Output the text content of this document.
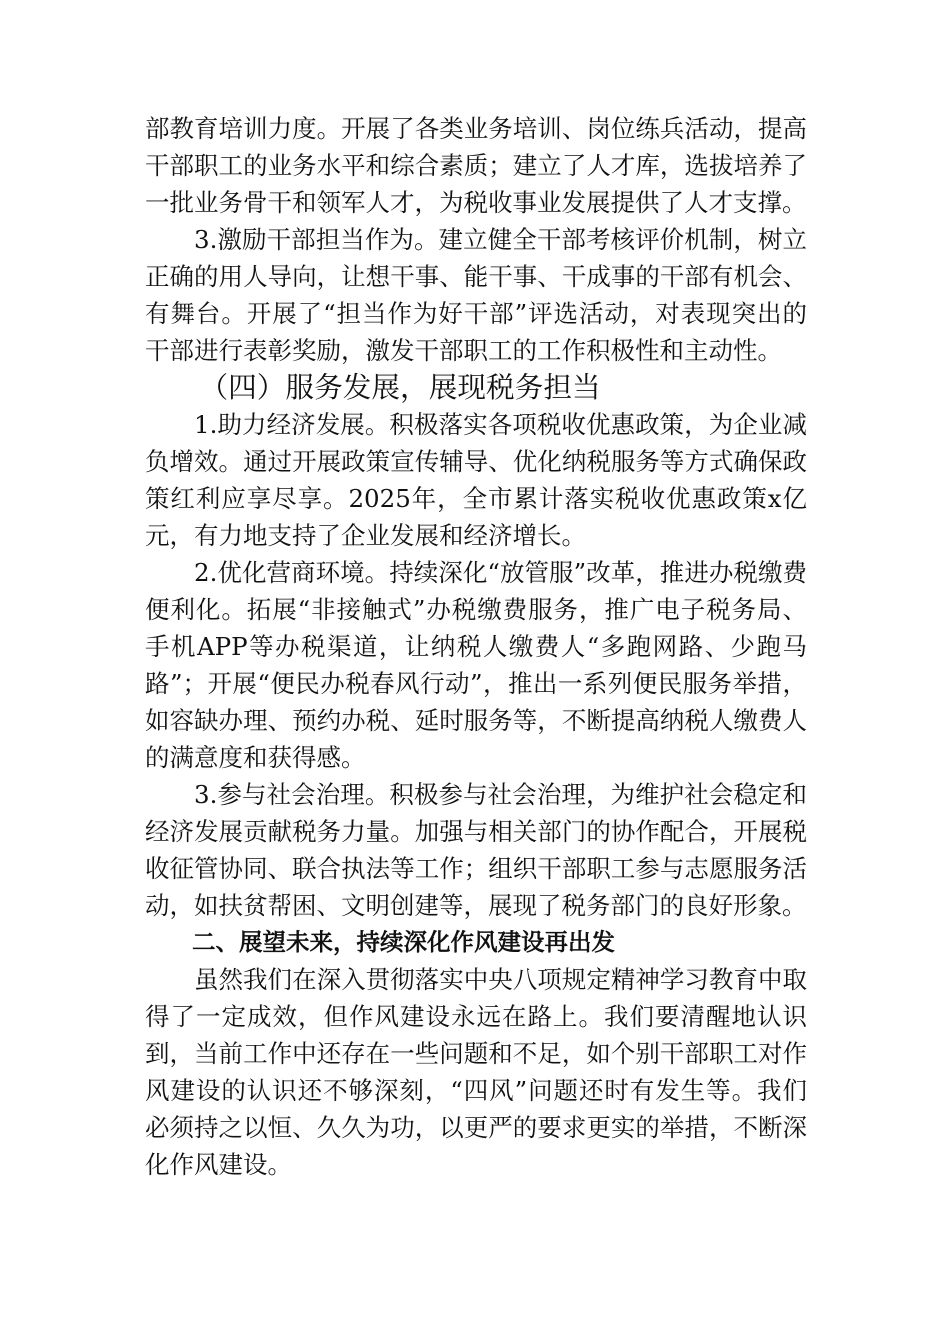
部教育培训力度。开展了各类业务培训、岗位练兵活动，提高干部职工的业务水平和综合素质；建立了人才库，选拔培养了一批业务骨干和领军人才，为税收事业发展提供了人才支撑。

3.激励干部担当作为。建立健全干部考核评价机制，树立正确的用人导向，让想干事、能干事、干成事的干部有机会、有舞台。开展了“担当作为好干部”评选活动，对表现突出的干部进行表彰奖励，激发干部职工的工作积极性和主动性。

（四）服务发展，展现税务担当

1.助力经济发展。积极落实各项税收优惠政策，为企业减负增效。通过开展政策宣传辅导、优化纳税服务等方式确保政策红利应享尽享。2025年，全市累计落实税收优惠政策x亿元，有力地支持了企业发展和经济增长。

2.优化营商环境。持续深化“放管服”改革，推进办税缴费便利化。拓展“非接触式”办税缴费服务，推广电子税务局、手机APP等办税渠道，让纳税人缴费人“多跑网路、少跑马路”；开展“便民办税春风行动”，推出一系列便民服务举措，如容缺办理、预约办税、延时服务等，不断提高纳税人缴费人的满意度和获得感。

3.参与社会治理。积极参与社会治理，为维护社会稳定和经济发展贡献税务力量。加强与相关部门的协作配合，开展税收征管协同、联合执法等工作；组织干部职工参与志愿服务活动，如扶贫帮困、文明创建等，展现了税务部门的良好形象。

二、展望未来，持续深化作风建设再出发

虽然我们在深入贯彻落实中央八项规定精神学习教育中取得了一定成效，但作风建设永远在路上。我们要清醒地认识到，当前工作中还存在一些问题和不足，如个别干部职工对作风建设的认识还不够深刻，“四风”问题还时有发生等。我们必须持之以恒、久久为功，以更严的要求更实的举措，不断深化作风建设。
